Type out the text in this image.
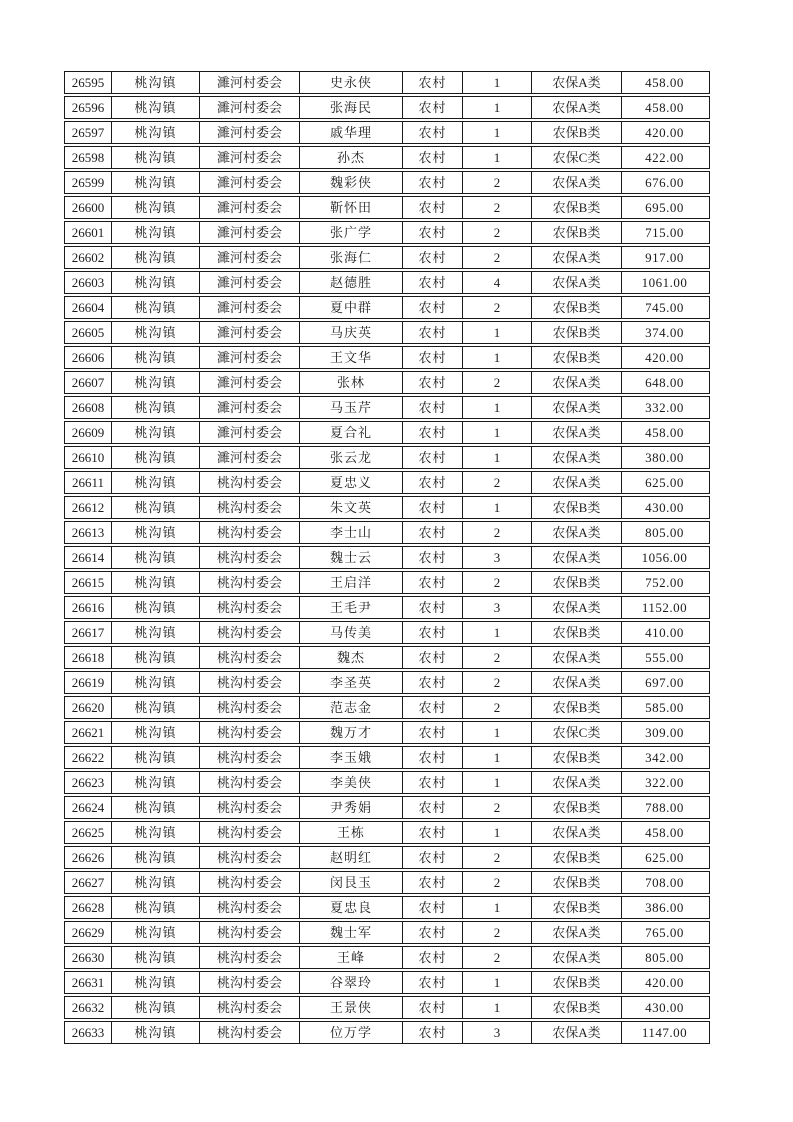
26595	桃沟镇	濉河村委会	史永侠	农村	1	农保A类	458.00
26596	桃沟镇	濉河村委会	张海民	农村	1	农保A类	458.00
26597	桃沟镇	濉河村委会	戚华理	农村	1	农保B类	420.00
26598	桃沟镇	濉河村委会	孙杰	农村	1	农保C类	422.00
26599	桃沟镇	濉河村委会	魏彩侠	农村	2	农保A类	676.00
26600	桃沟镇	濉河村委会	靳怀田	农村	2	农保B类	695.00
26601	桃沟镇	濉河村委会	张广学	农村	2	农保B类	715.00
26602	桃沟镇	濉河村委会	张海仁	农村	2	农保A类	917.00
26603	桃沟镇	濉河村委会	赵德胜	农村	4	农保A类	1061.00
26604	桃沟镇	濉河村委会	夏中群	农村	2	农保B类	745.00
26605	桃沟镇	濉河村委会	马庆英	农村	1	农保B类	374.00
26606	桃沟镇	濉河村委会	王文华	农村	1	农保B类	420.00
26607	桃沟镇	濉河村委会	张林	农村	2	农保A类	648.00
26608	桃沟镇	濉河村委会	马玉芹	农村	1	农保A类	332.00
26609	桃沟镇	濉河村委会	夏合礼	农村	1	农保A类	458.00
26610	桃沟镇	濉河村委会	张云龙	农村	1	农保A类	380.00
26611	桃沟镇	桃沟村委会	夏忠义	农村	2	农保A类	625.00
26612	桃沟镇	桃沟村委会	朱文英	农村	1	农保B类	430.00
26613	桃沟镇	桃沟村委会	李士山	农村	2	农保A类	805.00
26614	桃沟镇	桃沟村委会	魏士云	农村	3	农保A类	1056.00
26615	桃沟镇	桃沟村委会	王启洋	农村	2	农保B类	752.00
26616	桃沟镇	桃沟村委会	王毛尹	农村	3	农保A类	1152.00
26617	桃沟镇	桃沟村委会	马传美	农村	1	农保B类	410.00
26618	桃沟镇	桃沟村委会	魏杰	农村	2	农保A类	555.00
26619	桃沟镇	桃沟村委会	李圣英	农村	2	农保A类	697.00
26620	桃沟镇	桃沟村委会	范志金	农村	2	农保B类	585.00
26621	桃沟镇	桃沟村委会	魏万才	农村	1	农保C类	309.00
26622	桃沟镇	桃沟村委会	李玉娥	农村	1	农保B类	342.00
26623	桃沟镇	桃沟村委会	李美侠	农村	1	农保A类	322.00
26624	桃沟镇	桃沟村委会	尹秀娟	农村	2	农保B类	788.00
26625	桃沟镇	桃沟村委会	王栋	农村	1	农保A类	458.00
26626	桃沟镇	桃沟村委会	赵明红	农村	2	农保B类	625.00
26627	桃沟镇	桃沟村委会	闵艮玉	农村	2	农保B类	708.00
26628	桃沟镇	桃沟村委会	夏忠良	农村	1	农保B类	386.00
26629	桃沟镇	桃沟村委会	魏士军	农村	2	农保A类	765.00
26630	桃沟镇	桃沟村委会	王峰	农村	2	农保A类	805.00
26631	桃沟镇	桃沟村委会	谷翠玲	农村	1	农保B类	420.00
26632	桃沟镇	桃沟村委会	王景侠	农村	1	农保B类	430.00
26633	桃沟镇	桃沟村委会	位万学	农村	3	农保A类	1147.00
